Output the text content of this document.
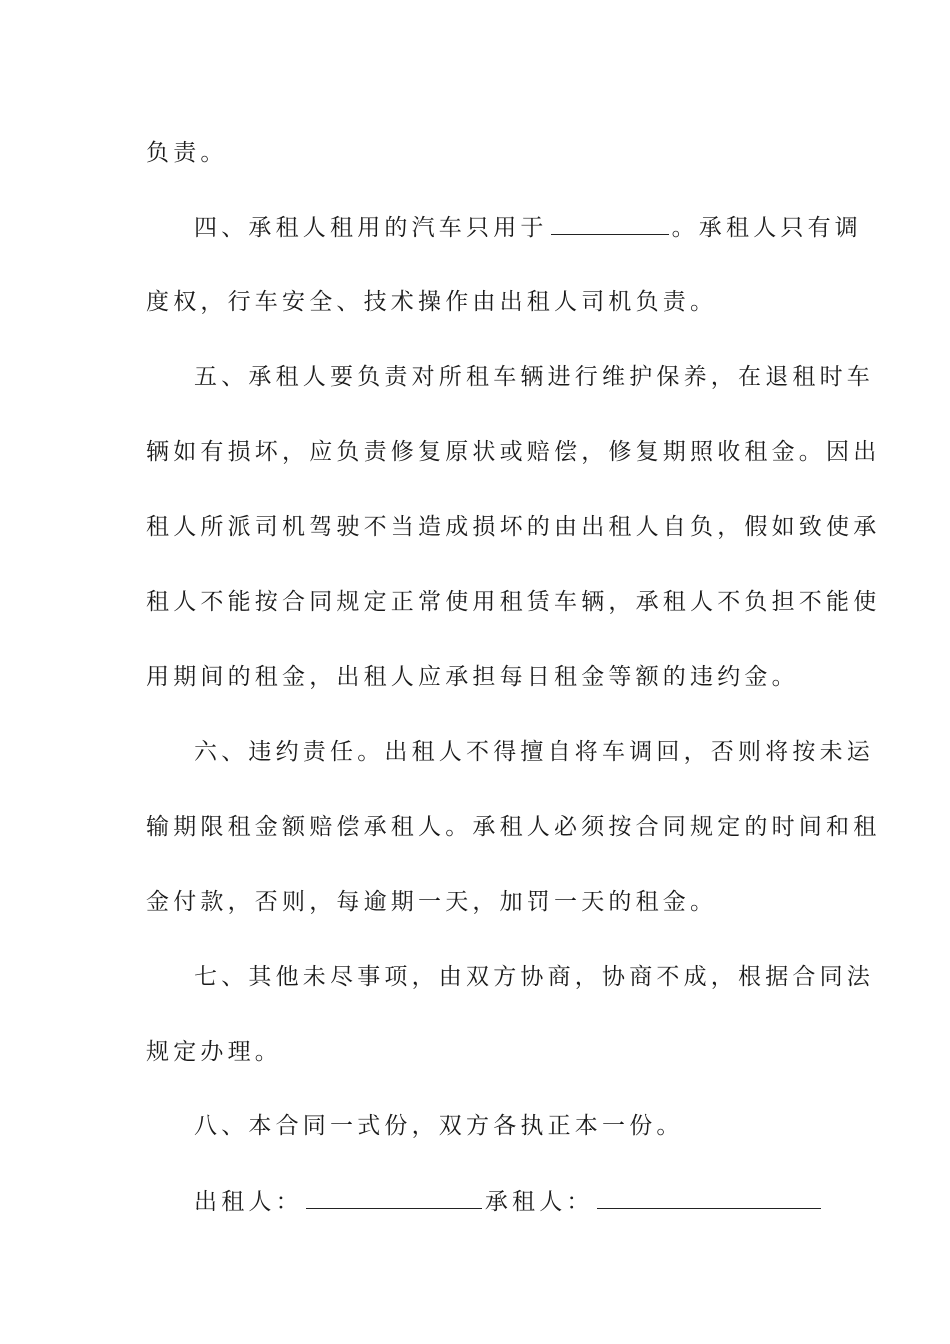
负责。
四、承租人租用的汽车只用于	。承租人只有调
度权，行车安全、技术操作由出租人司机负责。
五、承租人要负责对所租车辆进行维护保养，在退租时车
辆如有损坏，应负责修复原状或赔偿，修复期照收租金。因出
租人所派司机驾驶不当造成损坏的由出租人自负，假如致使承
租人不能按合同规定正常使用租赁车辆，承租人不负担不能使
用期间的租金，出租人应承担每日租金等额的违约金。
六、违约责任。出租人不得擅自将车调回，否则将按未运
输期限租金额赔偿承租人。承租人必须按合同规定的时间和租
金付款，否则，每逾期一天，加罚一天的租金。
七、其他未尽事项，由双方协商，协商不成，根据合同法
规定办理。
八、本合同一式份，双方各执正本一份。
出租人：	承租人：
